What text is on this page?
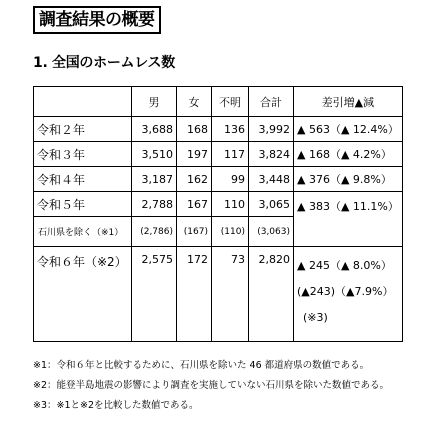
調査結果の概要
1. 全国のホームレス数
	男	女	不明	合計	差引増▲減
令和２年	3,688	168	136	3,992	▲ 563（▲ 12.4%）
令和３年	3,510	197	117	3,824	▲ 168（▲ 4.2%）
令和４年	3,187	162	99	3,448	▲ 376（▲ 9.8%）
令和５年	2,788	167	110	3,065	▲ 383（▲ 11.1%）
石川県を除く（※1）	(2,786)	(167)	(110)	(3,063)	
令和６年（※2）	2,575	172	73	2,820	▲ 245（▲ 8.0%）
(▲243)（▲7.9%）
(※3)
※1：令和６年と比較するために、石川県を除いた 46 都道府県の数値である。
※2：能登半島地震の影響により調査を実施していない石川県を除いた数値である。
※3：※1と※2を比較した数値である。
